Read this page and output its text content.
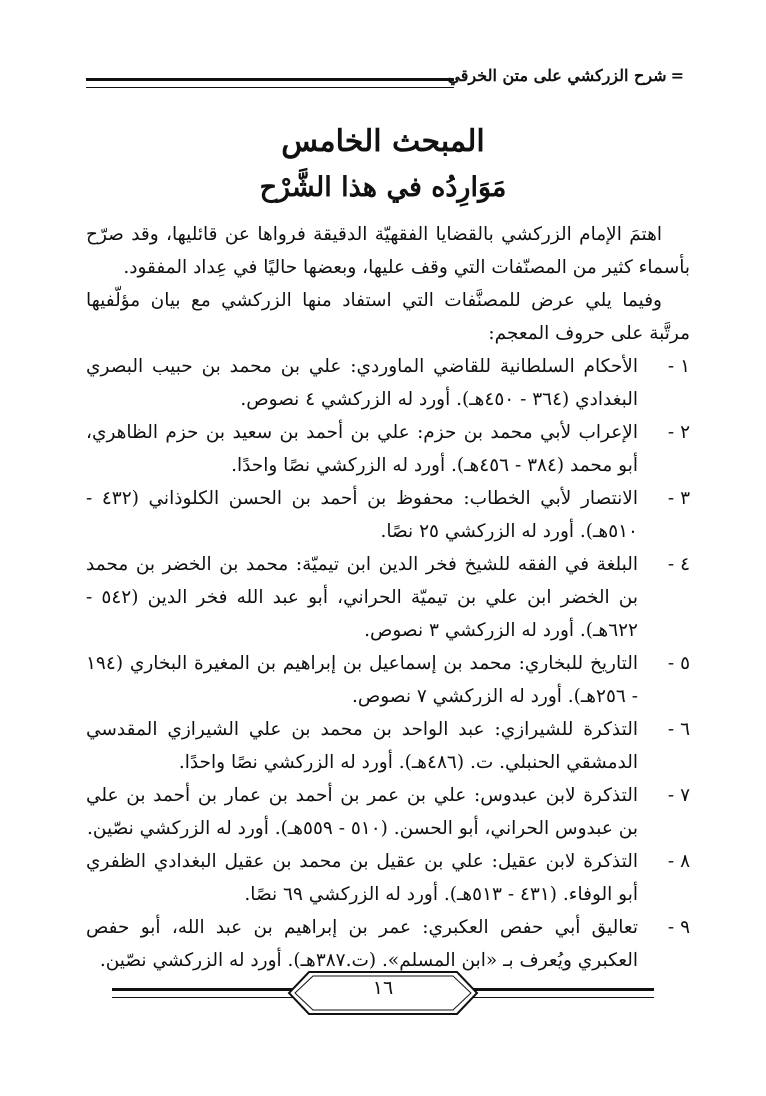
=
شرح الزركشي على متن الخرقي
المبحث الخامس
مَوَارِدُه في هذا الشَّرْح

اهتمَ الإمام الزركشي بالقضايا الفقهيّة الدقيقة فرواها عن قائليها، وقد صرّح بأسماء كثير من المصنّفات التي وقف عليها، وبعضها حاليًا في عِداد المفقود.

وفيما يلي عرض للمصنَّفات التي استفاد منها الزركشي مع بيان مؤلّفيها مرتَّبة على حروف المعجم:

١ -
الأحكام السلطانية للقاضي الماوردي: علي بن محمد بن حبيب البصري البغدادي (٣٦٤ - ٤٥٠هـ). أورد له الزركشي ٤ نصوص.
٢ -
الإعراب لأبي محمد بن حزم: علي بن أحمد بن سعيد بن حزم الظاهري، أبو محمد (٣٨٤ - ٤٥٦هـ). أورد له الزركشي نصًا واحدًا.
٣ -
الانتصار لأبي الخطاب: محفوظ بن أحمد بن الحسن الكلوذاني (٤٣٢ - ٥١٠هـ). أورد له الزركشي ٢٥ نصًا.
٤ -
البلغة في الفقه للشيخ فخر الدين ابن تيميّة: محمد بن الخضر بن محمد بن الخضر ابن علي بن تيميّة الحراني، أبو عبد الله فخر الدين (٥٤٢ - ٦٢٢هـ). أورد له الزركشي ٣ نصوص.
٥ -
التاريخ للبخاري: محمد بن إسماعيل بن إبراهيم بن المغيرة البخاري (١٩٤ - ٢٥٦هـ). أورد له الزركشي ٧ نصوص.
٦ -
التذكرة للشيرازي: عبد الواحد بن محمد بن علي الشيرازي المقدسي الدمشقي الحنبلي. ت. (٤٨٦هـ). أورد له الزركشي نصًا واحدًا.
٧ -
التذكرة لابن عبدوس: علي بن عمر بن أحمد بن عمار بن أحمد بن علي بن عبدوس الحراني، أبو الحسن. (٥١٠ - ٥٥٩هـ). أورد له الزركشي نصّين.
٨ -
التذكرة لابن عقيل: علي بن عقيل بن محمد بن عقيل البغدادي الظفري أبو الوفاء. (٤٣١ - ٥١٣هـ). أورد له الزركشي ٦٩ نصًا.
٩ -
تعاليق أبي حفص العكبري: عمر بن إبراهيم بن عبد الله، أبو حفص العكبري ويُعرف بـ «ابن المسلم». (ت.٣٨٧هـ). أورد له الزركشي نصّين.
١٦
